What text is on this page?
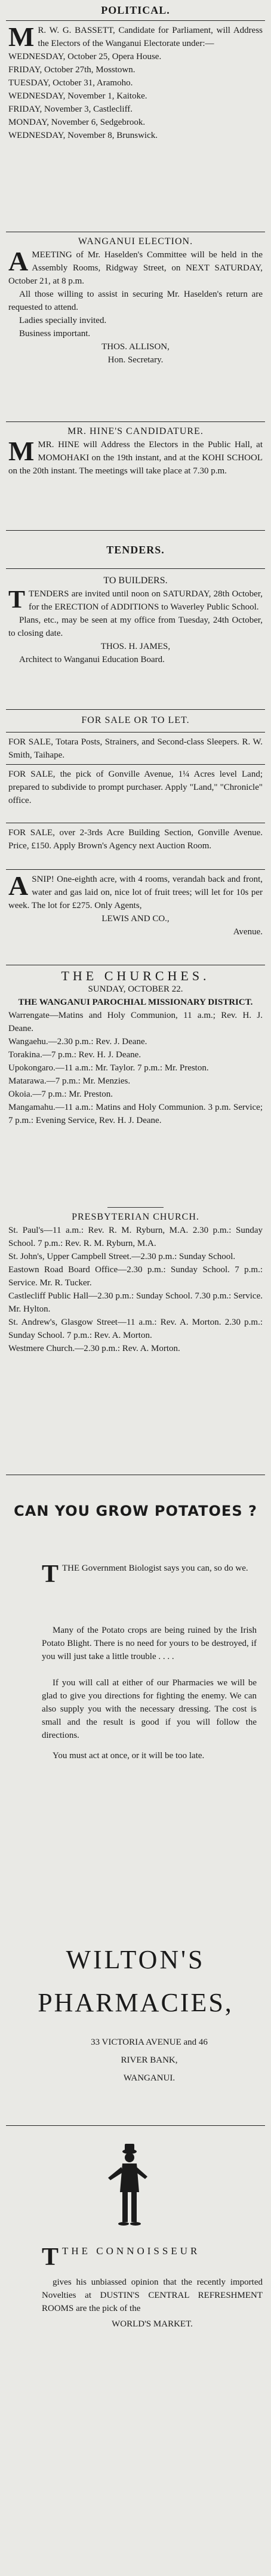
POLITICAL.
M R. W. G. BASSETT, Candidate for Parliament, will Address the Electors of the Wanganui Electorate under:—
WEDNESDAY, October 25, Opera House.
FRIDAY, October 27th, Mosstown.
TUESDAY, October 31, Aramoho.
WEDNESDAY, November 1, Kaitoke.
FRIDAY, November 3, Castlecliff.
MONDAY, November 6, Sedgebrook.
WEDNESDAY, November 8, Brunswick.
WANGANUI ELECTION.
A MEETING of Mr. Haselden's Committee will be held in the Assembly Rooms, Ridgway Street, on NEXT SATURDAY, October 21, at 8 p.m.
All those willing to assist in securing Mr. Haselden's return are requested to attend.
Ladies specially invited.
Business important.
THOS. ALLISON,
Hon. Secretary.
MR. HINE'S CANDIDATURE.
M MR. HINE will Address the Electors in the Public Hall, at MOMOHAKI on the 19th instant, and at the KOHI SCHOOL on the 20th instant. The meetings will take place at 7.30 p.m.
TENDERS.
TO BUILDERS.
T TENDERS are invited until noon on SATURDAY, 28th October, for the ERECTION of ADDITIONS to Waverley Public School.
Plans, etc., may be seen at my office from Tuesday, 24th October, to closing date.
THOS. H. JAMES,
Architect to Wanganui Education Board.
FOR SALE OR TO LET.
FOR SALE, Totara Posts, Strainers, and Second-class Sleepers. R. W. Smith, Taihape.
FOR SALE, the pick of Gonville Avenue, 1¼ Acres level Land; prepared to subdivide to prompt purchaser. Apply "Land," "Chronicle" office.
FOR SALE, over 2-3rds Acre Building Section, Gonville Avenue. Price, £150. Apply Brown's Agency next Auction Room.
A SNIP! One-eighth acre, with 4 rooms, verandah back and front, water and gas laid on, nice lot of fruit trees; will let for 10s per week. The lot for £275. Only Agents,
LEWIS AND CO.,
Avenue.
THE CHURCHES.
SUNDAY, OCTOBER 22.
THE WANGANUI PAROCHIAL MISSIONARY DISTRICT.
Warrengate—Matins and Holy Communion, 11 a.m.; Rev. H. J. Deane.
Wangaehu.—2.30 p.m.: Rev. J. Deane.
Torakina.—7 p.m.: Rev. H. J. Deane.
Upokongaro.—11 a.m.: Mr. Taylor. 7 p.m.: Mr. Preston.
Matarawa.—7 p.m.: Mr. Menzies.
Okoia.—7 p.m.: Mr. Preston.
Mangamahu.—11 a.m.: Matins and Holy Communion. 3 p.m. Service; 7 p.m.: Evening Service, Rev. H. J. Deane.
PRESBYTERIAN CHURCH.
St. Paul's—11 a.m.: Rev. R. M. Ryburn, M.A. 2.30 p.m.: Sunday School. 7 p.m.: Rev. R. M. Ryburn, M.A.
St. John's, Upper Campbell Street.—2.30 p.m.: Sunday School.
Eastown Road Board Office—2.30 p.m.: Sunday School. 7 p.m.: Service. Mr. R. Tucker.
Castlecliff Public Hall—2.30 p.m.: Sunday School. 7.30 p.m.: Service. Mr. Hylton.
St. Andrew's, Glasgow Street—11 a.m.: Rev. A. Morton. 2.30 p.m.: Sunday School. 7 p.m.: Rev. A. Morton.
Westmere Church.—2.30 p.m.: Rev. A. Morton.
CAN YOU GROW POTATOES ?
T THE Government Biologist says you can, so do we.
Many of the Potato crops are being ruined by the Irish Potato Blight. There is no need for yours to be destroyed, if you will just take a little trouble . . . .
If you will call at either of our Pharmacies we will be glad to give you directions for fighting the enemy. We can also supply you with the necessary dressing. The cost is small and the result is good if you will follow the directions.
You must act at once, or it will be too late.
WILTON'S
PHARMACIES,
33 VICTORIA AVENUE and 46
RIVER BANK,
WANGANUI.
T THE CONNOISSEUR
gives his unbiassed opinion that the recently imported Novelties at DUSTIN'S CENTRAL REFRESHMENT ROOMS are the pick of the
WORLD'S MARKET.
